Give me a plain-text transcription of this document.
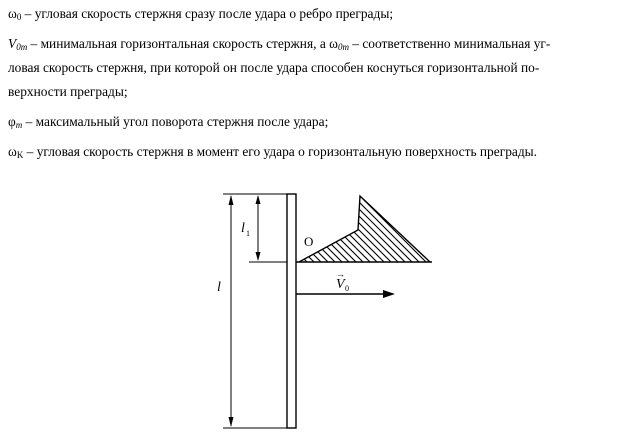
$\omega_0$ – угловая скорость стержня сразу после удара о ребро преграды;
$V_{0m}$ – минимальная горизонтальная скорость стержня, а $\omega_{0m}$ – соответственно минимальная уг-
ловая скорость стержня, при которой он после удара способен коснуться горизонтальной по-
верхности преграды;
$\varphi_m$ – максимальный угол поворота стержня после удара;
$\omega_K$ – угловая скорость стержня в момент его удара о горизонтальную поверхность преграды.
l 1
l
O
→
V 0
